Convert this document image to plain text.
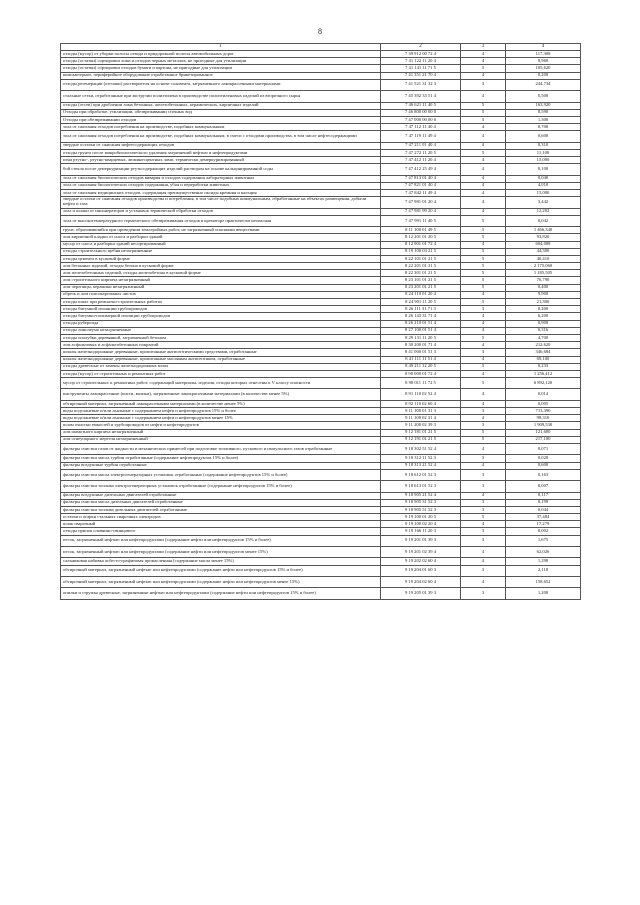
8
1	2	3	4
отходы (мусор) от уборки полосы отвода и придорожной полосы автомобильных дорог	7 39 912 00 72 4	4	117,308
отходы (остатки) сортировки лома и отходов черных металлов, не пригодные для утилизации	7 41 122 11 20 4	4	8,960
отходы (остатки) сортировки отходов бумаги и картона, не пригодные для утилизации	7 41 141 11 71 5	5	105,620
компьютерное, периферийное оборудование отработанное брикетированное	7 41 351 21 70 4	4	0,200
отходы регенерации (отгонки) растворителя на основе сольвента, загрязненного лакокрасочными материалами	7 41 521 31 32 3	3	244,734
стальные сетки, отработанные при экструзии полиэтилена в производстве полиэтиленовых изделий из вторичного сырья	7 45 392 33 51 4	4	0,500
отходы (отсев) при дроблении лома бетонных, железобетонных, керамических, кирпичных изделий	7 46 621 11 40 5	5	163,920
Отходы при обработке, утилизации, обезвреживании сточных вод	7 46 800 00 00 0	5	8,590
Отходы при обезвреживании отходов	7 47 000 00 00 0	5	1,300
зола от сжигания отходов потребления на производстве, подобных коммунальным	7 47 112 11 40 4	4	0,700
зола от сжигания отходов потребления на производстве, подобных коммунальным, в смеси с отходами производства, в том числе нефтесодержащими	7 47 119 11 49 4	4	0,600
твердые остатки от сжигания нефтесодержащих отходов	7 47 211 01 40 4	4	0,310
отходы грунта после микробиологического удаления загрязнений нефтью и нефтепродуктами	7 47 272 11 20 5	5	11,100
пена ртутно-, ртутно-кварцевых, люминесцентных ламп, термически демеркуризированный	7 47 412 11 20 4	4	15,000
бой стекла после демеркуризации ртутьсодержащих изделий раствором на основе кальцинированной соды	7 47 412 25 49 4	4	8,100
зола от сжигания биологических отходов вивария и отходов содержания лабораторных животных	7 47 813 01 40 4	4	0,040
зола от сжигания биологических отходов содержания, убоя и переработки животных	7 47 821 01 40 4	4	4,010
зола от сжигания медицинских отходов, содержащая преимущественно оксиды кремния и кальция	7 47 842 11 49 4	4	15,000
твердые остатки от сжигания отходов производства и потребления, в том числе подобных коммунальным, обработанные на объектах размещения, добычи нефти и газа	7 47 981 01 20 4	4	3,442
зола и шлаки от инсинераторов и установок термической обработки отходов	7 47 981 99 20 4	4	12,202
зола от высокотемпературного термического обезвреживания отходов в крематоре практически неопасная	7 47 991 11 40 5	5	0,042
грунт, образовавшийся при проведении землеройных работ, не загрязненный опасными веществами	8 11 100 01 49 5	5	1 466,340
лом кирпичной кладки от сноса и разборки зданий	8 12 201 01 20 5	5	93,820
мусор от сноса и разборки зданий несортированный	8 12 901 01 72 4	4	604,008
отходы строительного щебня незагрязненные	8 19 100 03 21 5	5	44,300
отходы цемента в кусковой форме	8 22 101 01 21 5	5	40,410
лом бетонных изделий, отходы бетона в кусковой форме	8 22 201 01 21 5	5	2 175,060
лом железобетонных изделий, отходы железобетона в кусковой форме	8 22 301 01 21 5	5	1 185,505
лом строительного кирпича незагрязненный	8 23 101 01 21 5	5	76,790
лом черепицы, керамики незагрязненный	8 23 201 01 21 5	5	0,400
обрезь и лом гипсокартонных листов	8 24 110 01 20 4	4	9,900
отходы шпал при ремонтно-строительных работах	8 24 901 11 20 5	5	21,300
отходы битумной изоляции трубопроводов	8 26 111 31 71 3	3	0,200
отходы битумно-полимерной изоляции трубопроводов	8 26 143 31 71 4	4	6,200
отходы рубероида	8 26 210 01 51 4	4	0,900
отходы линолеума незагрязненные	8 27 100 01 51 4	4	0,316
отходы опалубки деревянной, загрязненной бетоном	8 29 131 11 20 5	5	4,700
лом асфальтовых и асфальтобетонных покрытий	8 30 200 01 71 4	4	212,620
шпалы железнодорожные деревянные, пропитанные антисептическими средствами, отработанные	8 41 000 01 51 3	3	346,684
шпалы железнодорожные деревянные, пропитанные масляным антисептиком, отработанные	8 41 111 11 51 4	4	69,100
отходы древесные от замены железнодорожных шпал	8 49 211 12 20 5	5	0,233
отходы (мусор) от строительных и ремонтных работ	8 90 000 01 72 4	4	1 256,412
мусор от строительных и ремонтных работ, содержащий материалы, изделия, отходы которых отнесены к V классу опасности	8 90 011 11 72 5	5	6 892,120
инструменты лакокрасочные (кисти, валики), загрязненные лакокрасочными материалами (в количестве менее 5%)	8 91 110 02 52 4	4	0,014
обтирочный материал, загрязненный лакокрасочными материалами (в количестве менее 5%)	8 92 110 02 60 4	4	0,005
воды подсланевые и/или льяльные с содержанием нефти и нефтепродуктов 15% и более	9 11 100 01 31 3	3	713,390
воды подсланевые и/или льяльные с содержанием нефти и нефтепродуктов менее 15%	9 11 100 02 31 4	4	98,310
шлам очистки емкостей и трубопроводов от нефти и нефтепродуктов	9 11 200 02 39 3	3	1 909,530
лом шамотного кирпича незагрязненный	9 12 181 01 21 5	5	121,600
лом огнеупорного мертеля незагрязненный	9 12 191 01 21 5	5	217,100
фильтры очистки газов от жидкости и механических примесей при подготовке топливного, пускового и импульсного газов отработанные	9 18 302 51 52 4	4	0,071
фильтры очистки масла турбин отработанные (содержание нефтепродуктов 15% и более)	9 18 312 11 52 3	3	0,020
фильтры воздушные турбин отработанные	9 18 313 21 52 4	4	0,600
фильтры очистки масла электрогенераторных установок отработанные (содержание нефтепродуктов 15% и более)	9 18 612 01 52 3	3	0,163
фильтры очистки топлива электрогенераторных установок отработанные (содержание нефтепродуктов 15% и более)	9 18 613 01 52 3	3	0,007
фильтры воздушные дизельных двигателей отработанные	9 18 905 21 52 4	4	0,117
фильтры очистки масла дизельных двигателей отработанные	9 18 905 31 52 3	3	0,199
фильтры очистки топлива дизельных двигателей отработанные	9 18 905 51 52 3	3	0,044
остатки и огарки стальных сварочных электродов	9 19 100 01 20 5	5	37,484
шлак сварочный	9 19 100 02 20 4	4	17,279
отходы припоя оловянно-свинцового	9 19 166 11 20 3	3	0,002
песок, загрязненный нефтью или нефтепродуктами (содержание нефти или нефтепродуктов 15% и более)	9 19 201 01 39 3	3	1,675
песок, загрязненный нефтью или нефтепродуктами (содержание нефти или нефтепродуктов менее 15%)	9 19 201 02 39 4	4	62,026
сальниковая набивка асбесто-графитовая промасленная (содержание масла менее 15%)	9 19 202 02 60 4	4	1,298
обтирочный материал, загрязненный нефтью или нефтепродуктами (содержание нефти или нефтепродуктов 15% и более)	9 19 204 01 60 3	3	2,118
обтирочный материал, загрязненный нефтью или нефтепродуктами (содержание нефти или нефтепродуктов менее 15%)	9 19 204 02 60 4	4	158,652
опилки и стружка древесные, загрязненные нефтью или нефтепродуктами (содержание нефти или нефтепродуктов 15% и более)	9 19 205 01 39 3	3	1,200
